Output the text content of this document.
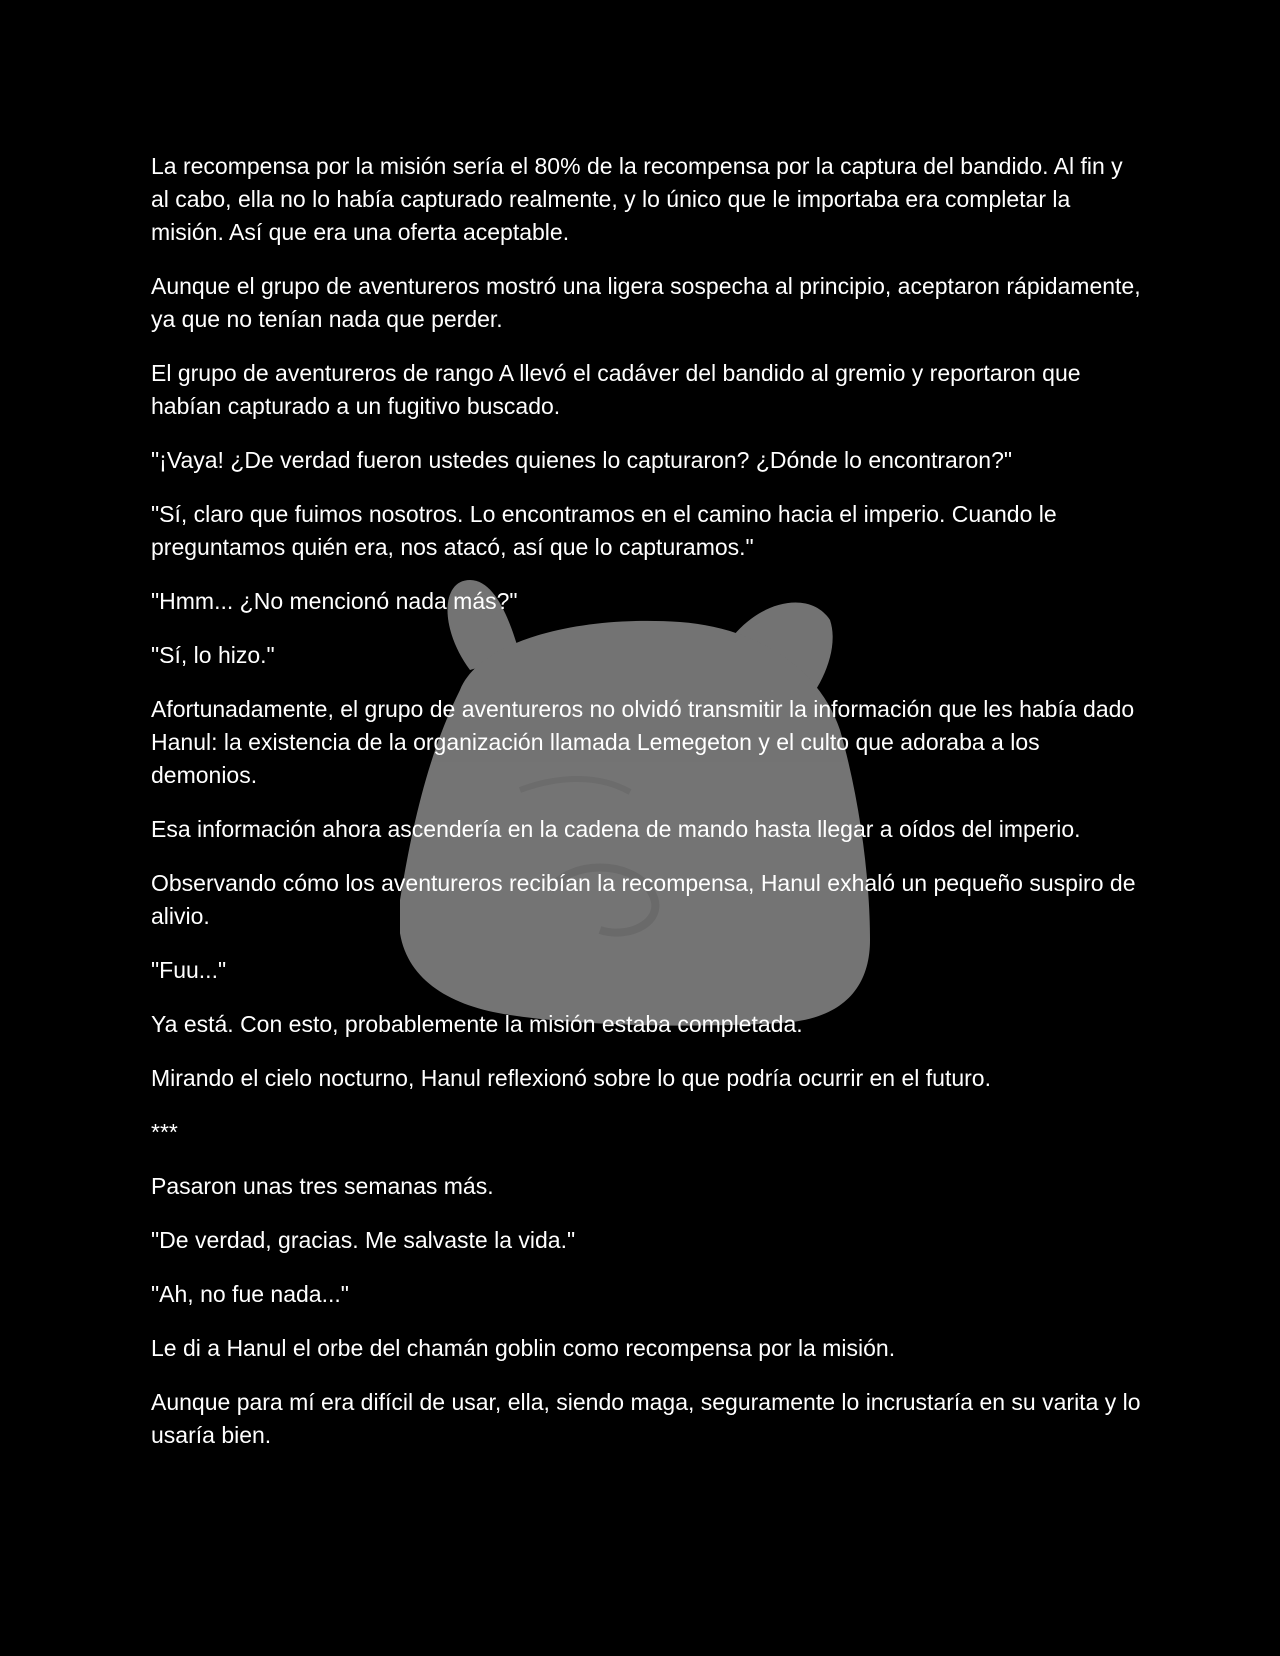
La recompensa por la misión sería el 80% de la recompensa por la captura del bandido. Al fin y al cabo, ella no lo había capturado realmente, y lo único que le importaba era completar la misión. Así que era una oferta aceptable.

Aunque el grupo de aventureros mostró una ligera sospecha al principio, aceptaron rápidamente, ya que no tenían nada que perder.

El grupo de aventureros de rango A llevó el cadáver del bandido al gremio y reportaron que habían capturado a un fugitivo buscado.

"¡Vaya! ¿De verdad fueron ustedes quienes lo capturaron? ¿Dónde lo encontraron?"

"Sí, claro que fuimos nosotros. Lo encontramos en el camino hacia el imperio. Cuando le preguntamos quién era, nos atacó, así que lo capturamos."

"Hmm... ¿No mencionó nada más?"

"Sí, lo hizo."

Afortunadamente, el grupo de aventureros no olvidó transmitir la información que les había dado Hanul: la existencia de la organización llamada Lemegeton y el culto que adoraba a los demonios.

Esa información ahora ascendería en la cadena de mando hasta llegar a oídos del imperio.

Observando cómo los aventureros recibían la recompensa, Hanul exhaló un pequeño suspiro de alivio.

"Fuu..."

Ya está. Con esto, probablemente la misión estaba completada.

Mirando el cielo nocturno, Hanul reflexionó sobre lo que podría ocurrir en el futuro.

***

Pasaron unas tres semanas más.

"De verdad, gracias. Me salvaste la vida."

"Ah, no fue nada..."

Le di a Hanul el orbe del chamán goblin como recompensa por la misión.

Aunque para mí era difícil de usar, ella, siendo maga, seguramente lo incrustaría en su varita y lo usaría bien.
